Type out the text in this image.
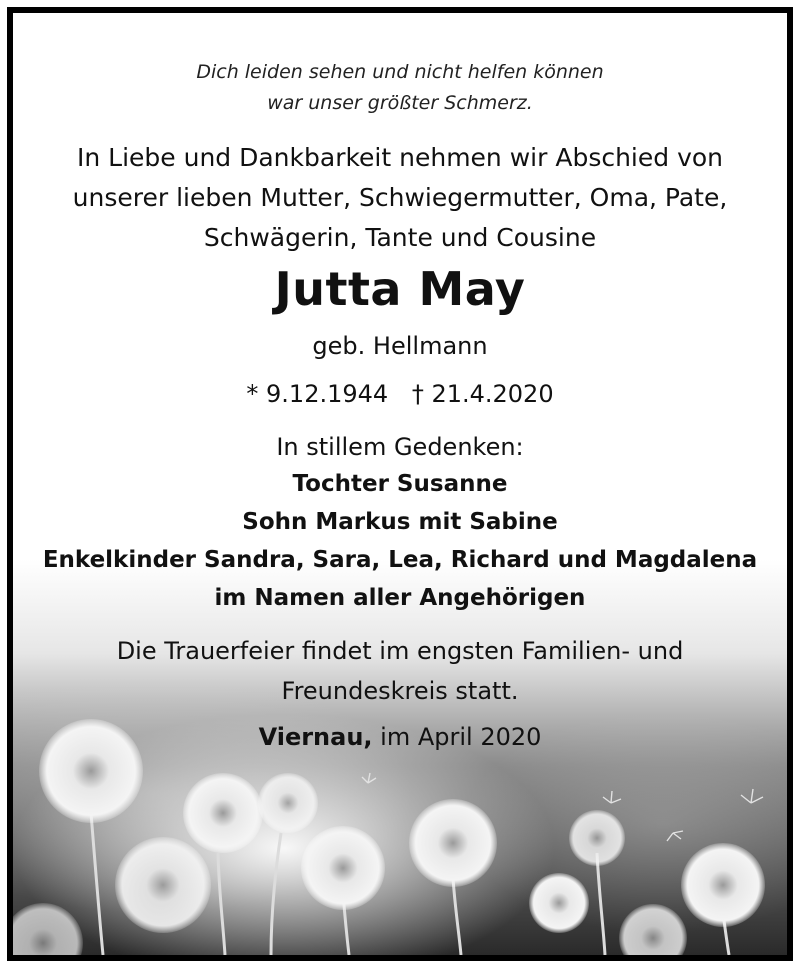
Dich leiden sehen und nicht helfen können
war unser größter Schmerz.
In Liebe und Dankbarkeit nehmen wir Abschied von
unserer lieben Mutter, Schwiegermutter, Oma, Pate,
Schwägerin, Tante und Cousine
Jutta May
geb. Hellmann
* 9.12.1944 † 21.4.2020
In stillem Gedenken:
Tochter Susanne
Sohn Markus mit Sabine
Enkelkinder Sandra, Sara, Lea, Richard und Magdalena
im Namen aller Angehörigen
Die Trauerfeier findet im engsten Familien- und
Freundeskreis statt.
Viernau, im April 2020
